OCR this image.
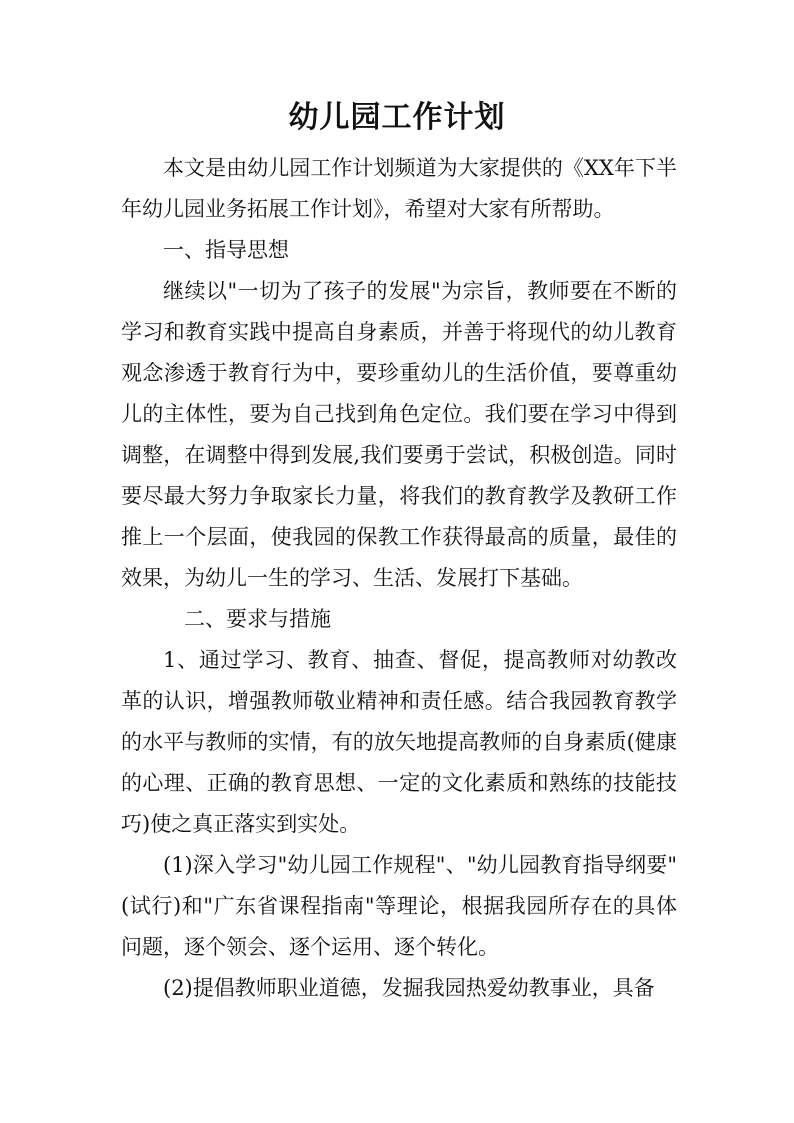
幼儿园工作计划

本文是由幼儿园工作计划频道为大家提供的《XX年下半年幼儿园业务拓展工作计划》，希望对大家有所帮助。

一、指导思想

继续以"一切为了孩子的发展"为宗旨，教师要在不断的学习和教育实践中提高自身素质，并善于将现代的幼儿教育观念渗透于教育行为中，要珍重幼儿的生活价值，要尊重幼儿的主体性，要为自己找到角色定位。我们要在学习中得到调整，在调整中得到发展,我们要勇于尝试，积极创造。同时要尽最大努力争取家长力量，将我们的教育教学及教研工作推上一个层面，使我园的保教工作获得最高的质量，最佳的效果，为幼儿一生的学习、生活、发展打下基础。

二、要求与措施

1、通过学习、教育、抽查、督促，提高教师对幼教改革的认识，增强教师敬业精神和责任感。结合我园教育教学的水平与教师的实情，有的放矢地提高教师的自身素质(健康的心理、正确的教育思想、一定的文化素质和熟练的技能技巧)使之真正落实到实处。

(1)深入学习"幼儿园工作规程"、"幼儿园教育指导纲要"(试行)和"广东省课程指南"等理论，根据我园所存在的具体问题，逐个领会、逐个运用、逐个转化。

(2)提倡教师职业道德，发掘我园热爱幼教事业，具备
